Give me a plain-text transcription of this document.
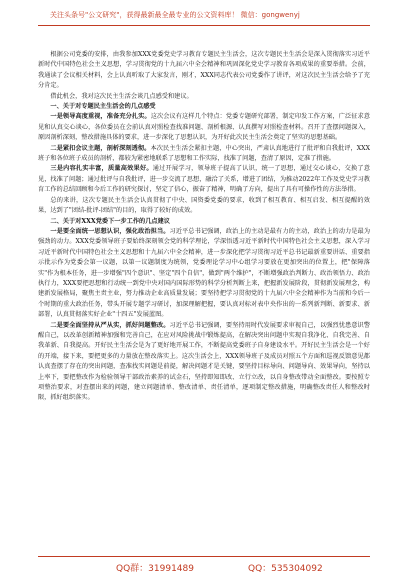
关注头条号"公文研究"，获得最新最全最专业的公文资料库！ 微信：gongwenyj

根据公司党委的安排，由我参加XXX党委党史学习教育专题民主生活会，这次专题民主生活会是深入贯彻落实习近平新时代中国特色社会主义思想，学习贯彻党的十九届六中全会精神和巩固深化党史学习教育各项成果的重要举措。会前，我通读了会议相关材料，会上认真听取了大家发言，刚才，XXX同志代表公司党委作了讲评，对这次民主生活会给予了充分肯定。

借此机会，我对这次民主生活会谈几点感受和建议。

一、关于对专题民主生活会的几点感受

一是领导高度重视，准备充分扎实。这次会议有这样几个特点：党委专题研究部署，制定印发工作方案，广泛征求意见和认真交心谈心，各位委员在会前认真对照检查找准问题、剖析根源、认真撰写对照检查材料。召开了查摆问题深入，原因剖析深刻，整改措施具体的要求，进一步深化了思想认识，为开好此次民主生活会奠定了坚实的思想基础。

二是紧扣会议主题，剖析深刻透彻。本次民主生活会紧扣主题，中心突出，严肃认真地进行了批评和自我批评，XXX班子和各位班子成员的剖析，都较为紧密地联系了思想和工作实际，找准了问题，查清了原因，定准了措施。

三是内容扎实丰富，质量高效果好。通过开展学习，领导班子提高了认识，统一了思想，通过交心谈心，交换了意见，找准了问题；通过批评与自我批评，进一步交流了思想，融洽了关系，增进了团结，为推动2022年工作及党史学习教育工作的总结回顾和今后工作的研究探讨，坚定了信心，振奋了精神，明确了方向，提出了具有可操作性的方法举措。

总的来讲，这次专题民主生活会认真贯彻了中央、国资委党委的要求，收到了相互教育、相互启发、相互提醒的效果，达到了"团结-批评-团结"的目的，取得了较好的成效。

二、关于对XXX党委下一步工作的几点建议

一是要全面统一思想认识，强化政治担当。习近平总书记强调，政治上的主动是最有力的主动，政治上的动力是最为强劲的动力。XXX党委领导班子要始终深刻领会党的科学理论，学深悟透习近平新时代中国特色社会主义思想，深入学习习近平新时代中国特色社会主义思想和十九届六中全会精神，进一步深化把学习贯彻习近平总书记最新重要讲话、重要指示批示作为党委会第一议题，以第一议题制度为统领，党委理论学习中心组学习要放在更加突出的位置上，把"保障落实"作为根本任务，进一步增强"四个意识"、坚定"四个自信"，做到"两个维护"，不断增强政治判断力、政治领悟力、政治执行力，XXX要把思想和行动统一到党中央对国内国际形势的科学分析判断上来，把握新发展阶段，贯彻新发展理念，构建新发展格局，聚焦主责主业，努力推动企业高质量发展；要坚持把学习贯彻党的十九届六中全会精神作为当前和今后一个时期的重大政治任务，带头开展专题学习研讨，加深理解把握，要认真对标对表中央作出的一系列新判断、新要求、新部署，认真贯彻落实好企业"十四五"发展蓝图。

二是要全面坚持从严从实，抓好问题整改。习近平总书记强调，要坚持用时代发展要求审视自己，以强烈忧患意识警醒自己，以改革创新精神加强和完善自己，在应对风险挑战中锻炼提高，在解决突出问题中实现自我净化、自我完善、自我革新、自我提高。开好民主生活会是为了更好地开展工作，不断提高党委班子自身建设水平。开好民主生活会是一个好的开端，接下来，要把更多的力量放在整改落实上。这次生活会上，XXX领导班子及成员对照五个方面和巡视反馈意见都认真查摆了存在的突出问题，查准找实问题是前提，解决问题才是关键，要坚持目标导向、问题导向、效果导向，坚持以上率下，要把整改作为检验领导干部政治素养的试金石，坚持即知即改、立行立改，以自身整改带动全面整改。要按照专项整治要求，对查摆出来的问题，建立问题清单、整改清单、责任清单，逐项制定整改措施，明确整改责任人和整改时限，抓好组织落实。

QQ群：31991489	QQ：535304092
